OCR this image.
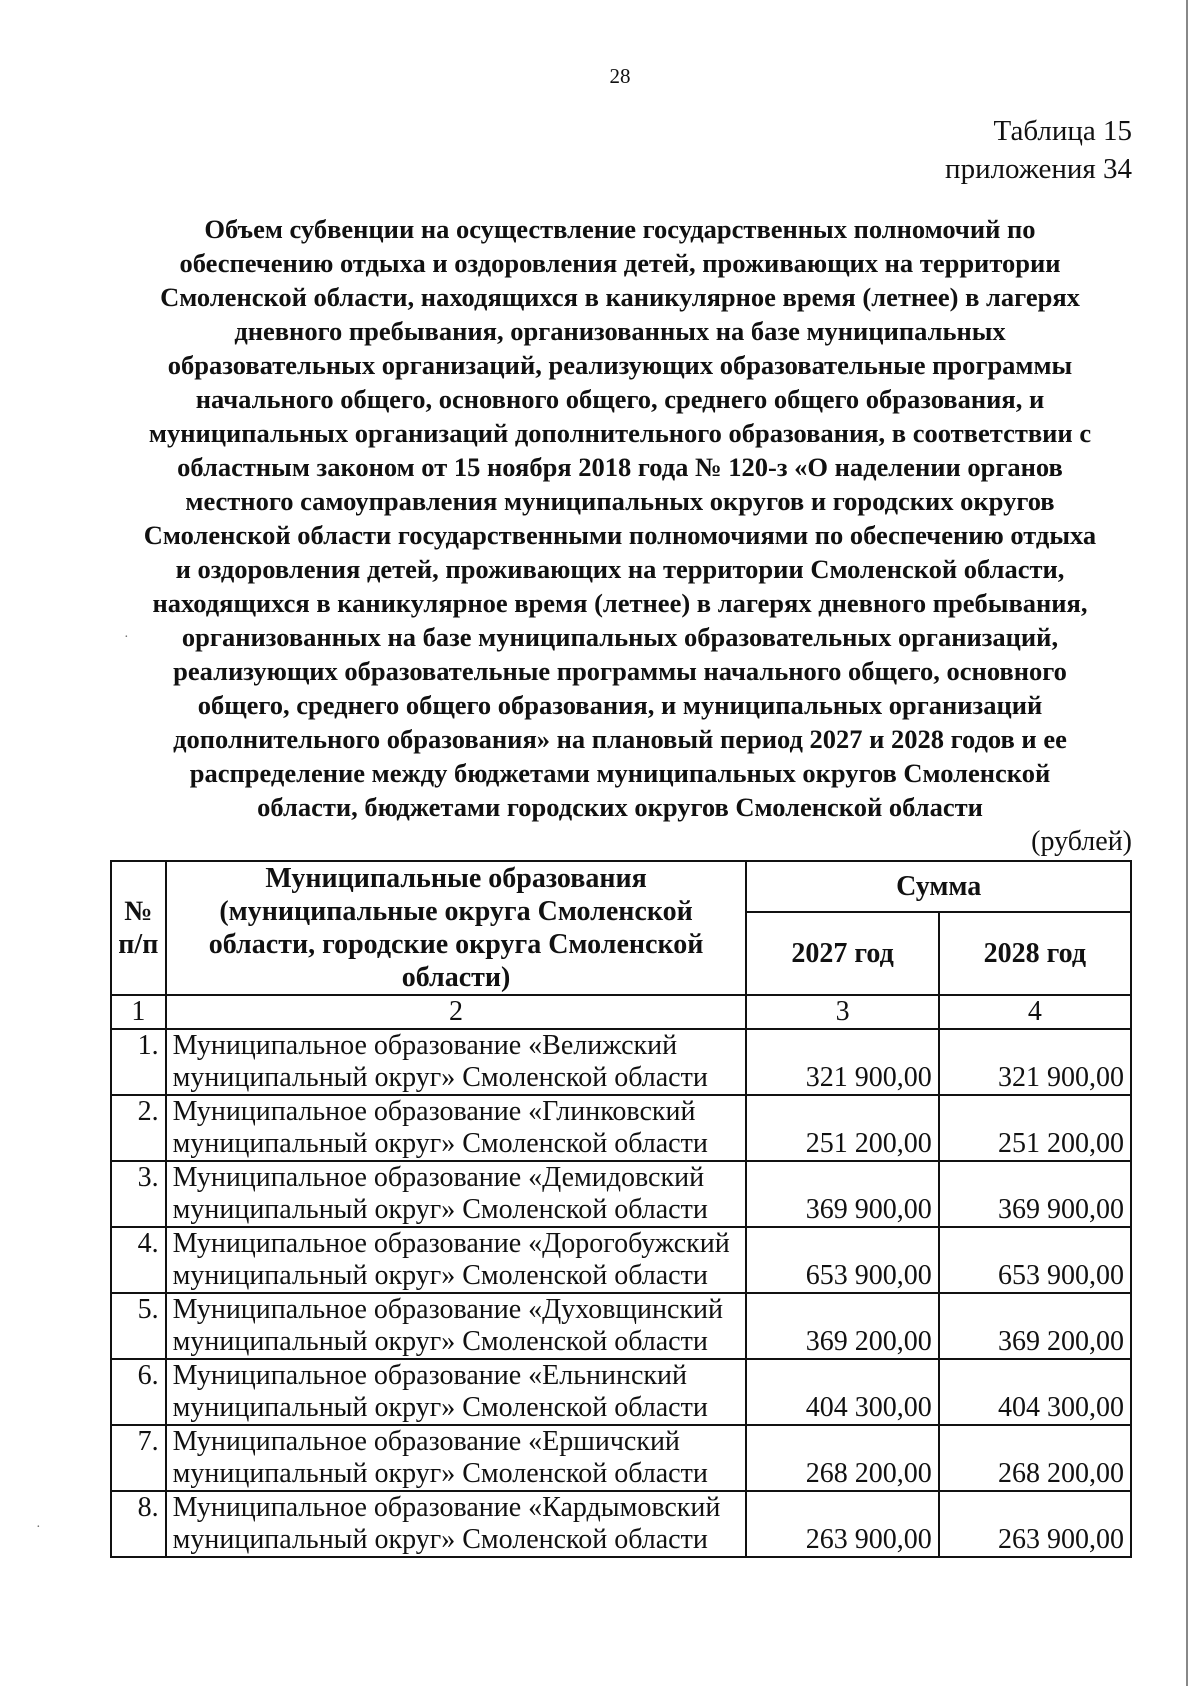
28
Таблица 15
приложения 34
Объем субвенции на осуществление государственных полномочий по
обеспечению отдыха и оздоровления детей, проживающих на территории
Смоленской области, находящихся в каникулярное время (летнее) в лагерях
дневного пребывания, организованных на базе муниципальных
образовательных организаций, реализующих образовательные программы
начального общего, основного общего, среднего общего образования, и
муниципальных организаций дополнительного образования, в соответствии с
областным законом от 15 ноября 2018 года № 120-з «О наделении органов
местного самоуправления муниципальных округов и городских округов
Смоленской области государственными полномочиями по обеспечению отдыха
и оздоровления детей, проживающих на территории Смоленской области,
находящихся в каникулярное время (летнее) в лагерях дневного пребывания,
организованных на базе муниципальных образовательных организаций,
реализующих образовательные программы начального общего, основного
общего, среднего общего образования, и муниципальных организаций
дополнительного образования» на плановый период 2027 и 2028 годов и ее
распределение между бюджетами муниципальных округов Смоленской
области, бюджетами городских округов Смоленской области
(рублей)
№
п/п	Муниципальные образования (муниципальные округа Смоленской области, городские округа Смоленской области)	Сумма	
		2027 год	2028 год
1	2	3	4
1.	Муниципальное образование «Велижский
муниципальный округ» Смоленской области	321 900,00	321 900,00
2.	Муниципальное образование «Глинковский
муниципальный округ» Смоленской области	251 200,00	251 200,00
3.	Муниципальное образование «Демидовский
муниципальный округ» Смоленской области	369 900,00	369 900,00
4.	Муниципальное образование «Дорогобужский
муниципальный округ» Смоленской области	653 900,00	653 900,00
5.	Муниципальное образование «Духовщинский
муниципальный округ» Смоленской области	369 200,00	369 200,00
6.	Муниципальное образование «Ельнинский
муниципальный округ» Смоленской области	404 300,00	404 300,00
7.	Муниципальное образование «Ершичский
муниципальный округ» Смоленской области	268 200,00	268 200,00
8.	Муниципальное образование «Кардымовский
муниципальный округ» Смоленской области	263 900,00	263 900,00
·
·
